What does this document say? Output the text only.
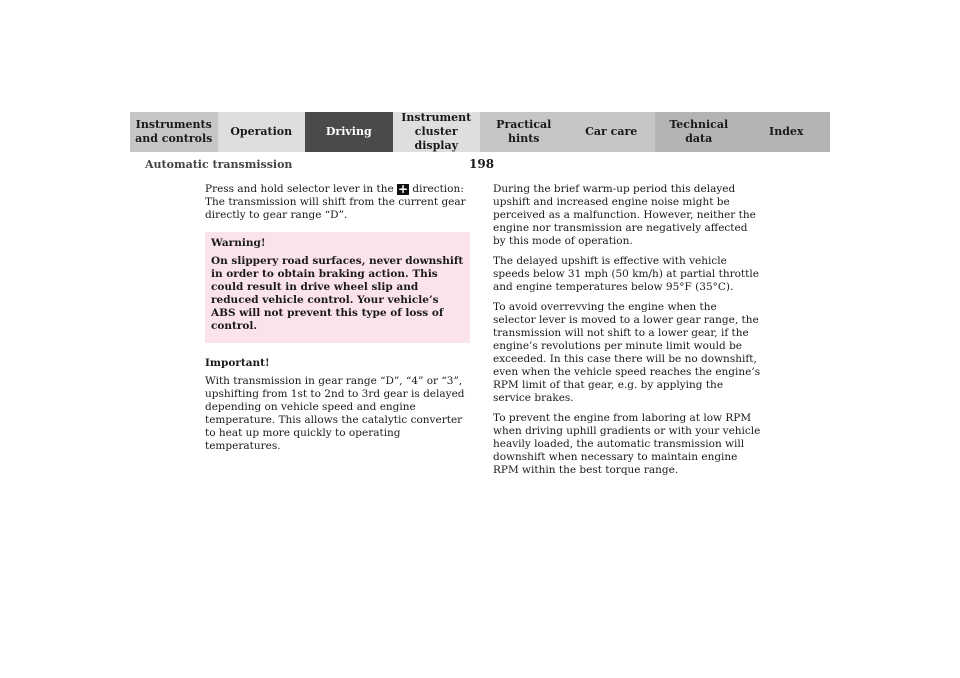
Instruments
and controls
Operation	Driving
Instrument
cluster display
Practical hints
Car care
Technical
data
Index
Automatic transmission	198

Press and hold selector lever in the + direction: The transmission will shift from the current gear directly to gear range “D”.

Warning!
On slippery road surfaces, never downshift in order to obtain braking action. This could result in drive wheel slip and reduced vehicle control. Your vehicle’s ABS will not prevent this type of loss of control.
Important!

With transmission in gear range “D”, “4” or “3”, upshifting from 1st to 2nd to 3rd gear is delayed depending on vehicle speed and engine temperature. This allows the catalytic converter to heat up more quickly to operating temperatures.

During the brief warm-up period this delayed upshift and increased engine noise might be perceived as a malfunction. However, neither the engine nor transmission are negatively affected by this mode of operation.

The delayed upshift is effective with vehicle speeds below 31 mph (50 km/h) at partial throttle and engine temperatures below 95°F (35°C).

To avoid overrevving the engine when the selector lever is moved to a lower gear range, the transmission will not shift to a lower gear, if the engine’s revolutions per minute limit would be exceeded. In this case there will be no downshift, even when the vehicle speed reaches the engine’s RPM limit of that gear, e.g. by applying the service brakes.

To prevent the engine from laboring at low RPM when driving uphill gradients or with your vehicle heavily loaded, the automatic transmission will downshift when necessary to maintain engine RPM within the best torque range.
